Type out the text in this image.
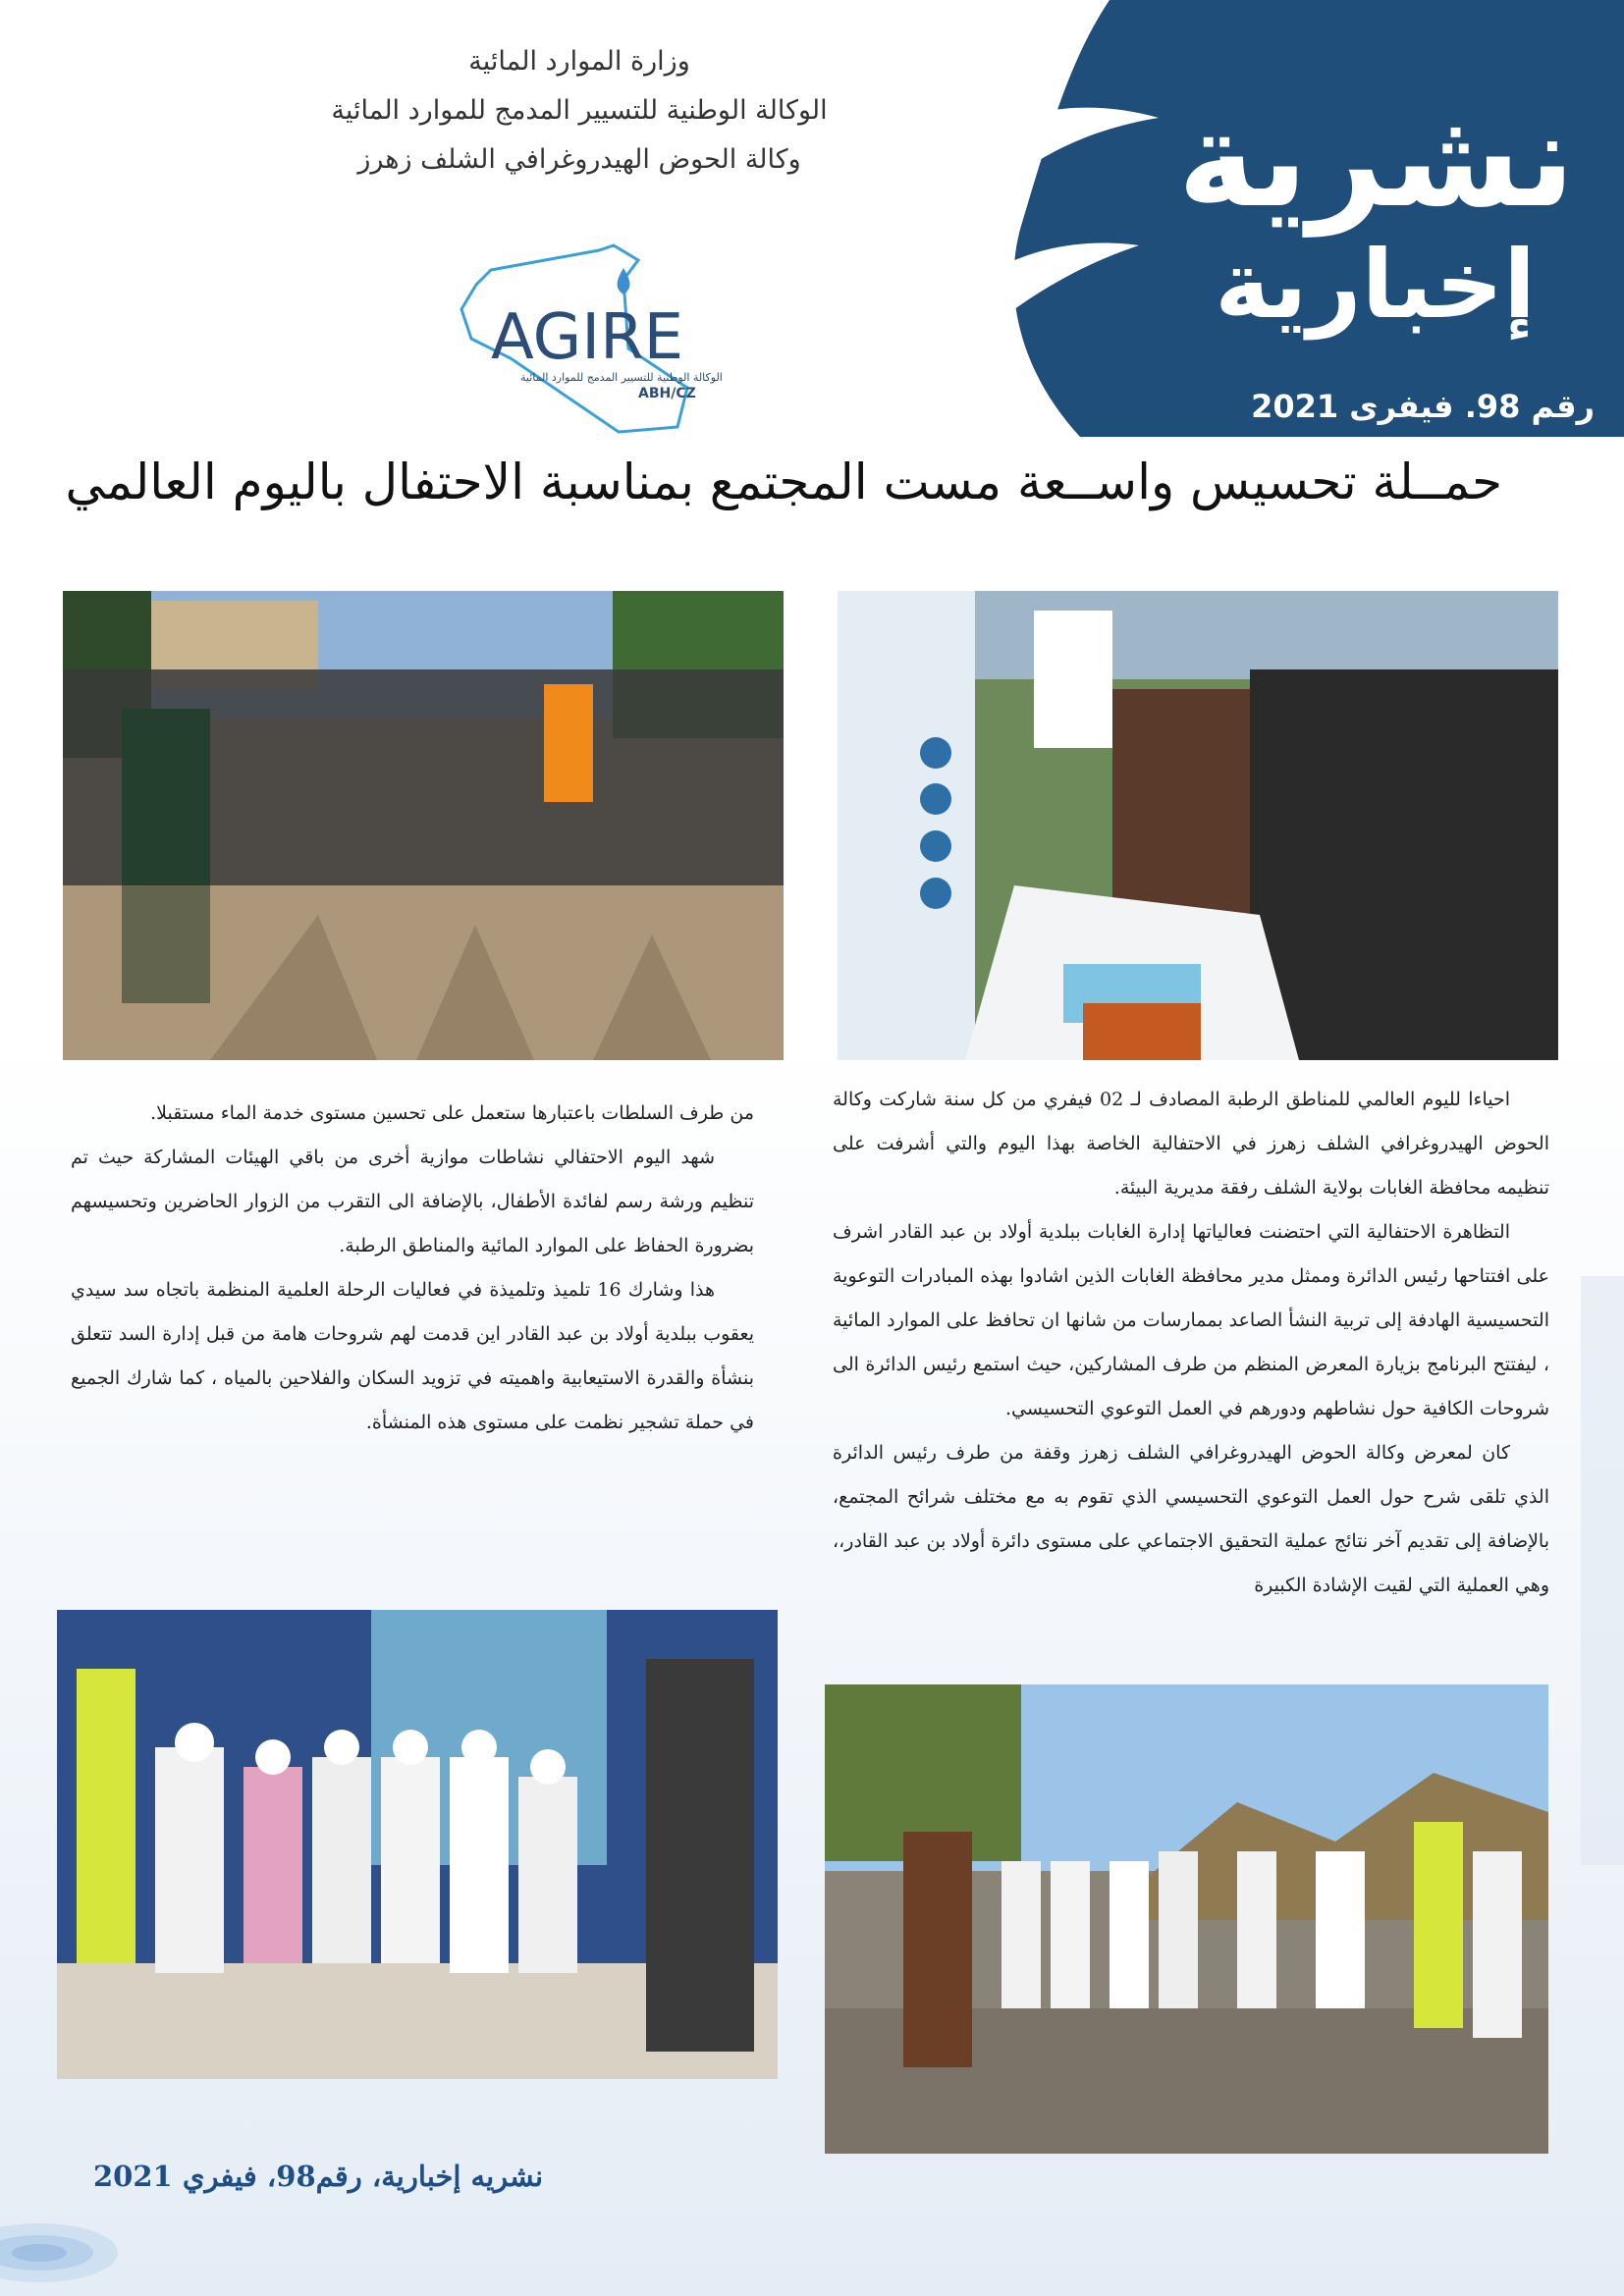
وزارة الموارد المائية
الوكالة الوطنية للتسيير المدمج للموارد المائية
وكالة الحوض الهيدروغرافي الشلف زهرز
AGIRE
الوكالة الوطنية للتسيير المدمج للموارد المائية
ABH/CZ
نشرية
إخبارية
رقم 98. فيفرى 2021
حمــلة تحسيس واســعة مست المجتمع بمناسبة الاحتفال باليوم العالمي

احياءا لليوم العالمي للمناطق الرطبة المصادف لـ 02 فيفري من كل سنة شاركت وكالة الحوض الهيدروغرافي الشلف زهرز في الاحتفالية الخاصة بهذا اليوم والتي أشرفت على تنظيمه محافظة الغابات بولاية الشلف رفقة مديرية البيئة.

التظاهرة الاحتفالية التي احتضنت فعالياتها إدارة الغابات ببلدية أولاد بن عبد القادر اشرف على افتتاحها رئيس الدائرة وممثل مدير محافظة الغابات الذين اشادوا بهذه المبادرات التوعوية التحسيسية الهادفة إلى تربية النشأ الصاعد بممارسات من شانها ان تحافظ على الموارد المائية ، ليفتتح البرنامج بزيارة المعرض المنظم من طرف المشاركين، حيث استمع رئيس الدائرة الى شروحات الكافية حول نشاطهم ودورهم في العمل التوعوي التحسيسي.

كان لمعرض وكالة الحوض الهيدروغرافي الشلف زهرز وقفة من طرف رئيس الدائرة الذي تلقى شرح حول العمل التوعوي التحسيسي الذي تقوم به مع مختلف شرائح المجتمع، بالإضافة إلى تقديم آخر نتائج عملية التحقيق الاجتماعي على مستوى دائرة أولاد بن عبد القادر،، وهي العملية التي لقيت الإشادة الكبيرة

من طرف السلطات باعتبارها ستعمل على تحسين مستوى خدمة الماء مستقبلا.

شهد اليوم الاحتفالي نشاطات موازية أخرى من باقي الهيئات المشاركة حيث تم تنظيم ورشة رسم لفائدة الأطفال، بالإضافة الى التقرب من الزوار الحاضرين وتحسيسهم بضرورة الحفاظ على الموارد المائية والمناطق الرطبة.

هذا وشارك 16 تلميذ وتلميذة في فعاليات الرحلة العلمية المنظمة باتجاه سد سيدي يعقوب ببلدية أولاد بن عبد القادر اين قدمت لهم شروحات هامة من قبل إدارة السد تتعلق بنشأة والقدرة الاستيعابية واهميته في تزويد السكان والفلاحين بالمياه ، كما شارك الجميع في حملة تشجير نظمت على مستوى هذه المنشأة.

نشريه إخبارية، رقم98، فيفري 2021
